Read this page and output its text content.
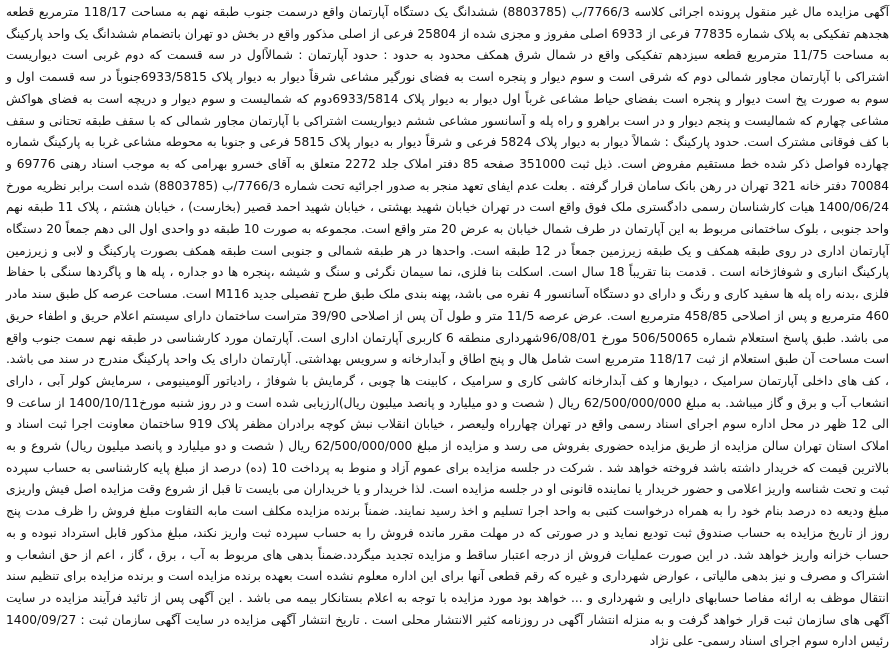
آگهی مزایده مال غیر منقول پرونده اجرائی کلاسه 7766/3/ب (8803785) ششدانگ یک دستگاه آپارتمان واقع درسمت جنوب طبقه نهم به مساحت 118/17 مترمربع قطعه هجدهم تفکیکی به پلاک شماره 77835 فرعی از 6933 اصلی مفروز و مجزی شده از 25804 فرعی از اصلی مذکور واقع در بخش دو تهران باتضمام ششدانگ یک واحد پارکینگ به مساحت 11/75 مترمربع قطعه سیزدهم تفکیکی واقع در شمال شرق همکف محدود به حدود : حدود آپارتمان : شمالاًاول در سه قسمت که دوم غربی است دیواریست اشتراکی با آپارتمان مجاور شمالی دوم که شرقی است و سوم دیوار و پنجره است به فضای نورگیر مشاعی شرقاً دیوار به دیوار پلاک 6933/5815جنوباً در سه قسمت اول و سوم به صورت پخ است دیوار و پنجره است بفضای حیاط مشاعی غرباً اول دیوار به دیوار پلاک 6933/5814دوم که شمالیست و سوم دیوار و دریچه است به فضای هواکش مشاعی چهارم که شمالیست و پنجم دیوار و در است براهرو و راه پله و آسانسور مشاعی ششم دیواریست اشتراکی با آپارتمان مجاور شمالی که با سقف طبقه تحتانی و سقف با کف فوقانی مشترک است. حدود پارکینگ : شمالاً دیوار به دیوار پلاک 5824 فرعی و شرقاً دیوار به دیوار پلاک 5815 فرعی و جنوبا به محوطه مشاعی غربا به پارکینگ شماره چهارده فواصل ذکر شده خط مستقیم مفروض است. ذیل ثبت 351000 صفحه 85 دفتر املاک جلد 2272 متعلق به آقای خسرو بهرامی که به موجب اسناد رهنی 69776 و 70084 دفتر خانه 321 تهران در رهن بانک سامان قرار گرفته . بعلت عدم ایفای تعهد منجر به صدور اجرائیه تحت شماره 7766/3/ب (8803785) شده است برابر نظریه مورخ 1400/06/24 هیات کارشناسان رسمی دادگستری ملک فوق واقع است در تهران خیابان شهید بهشتی ، خیابان شهید احمد قصیر (بخارست) ، خیابان هشتم ، پلاک 11 طبقه نهم واحد جنوبی ، بلوک ساختمانی مربوط به این آپارتمان در طرف شمال خیابان به عرض 20 متر واقع است. مجموعه به صورت 10 طبقه دو واحدی اول الی دهم جمعاً 20 دستگاه آپارتمان اداری در روی طبقه همکف و یک طبقه زیرزمین جمعاً در 12 طبقه است. واحدها در هر طبقه شمالی و جنوبی است طبقه همکف بصورت پارکینگ و لابی و زیرزمین پارکینگ انباری و شوفاژخانه است . قدمت بنا تقریباً 18 سال است. اسکلت بنا فلزی، نما سیمان نگرئی و سنگ و شیشه ،پنجره ها دو جداره ، پله ها و پاگردها سنگی با حفاظ فلزی ،بدنه راه پله ها سفید کاری و رنگ و دارای دو دستگاه آسانسور 4 نفره می باشد، پهنه بندی ملک طبق طرح تفصیلی جدید M116 است. مساحت عرصه کل طبق سند مادر 460 مترمربع و پس از اصلاحی 458/85 مترمربع است. عرض عرصه 11/5 متر و طول آن پس از اصلاحی 39/90 متراست ساختمان دارای سیستم اعلام حریق و اطفاء حریق می باشد. طبق پاسخ استعلام شماره 506/50065 مورخ 96/08/01شهرداری منطقه 6 کاربری آپارتمان اداری است. آپارتمان مورد کارشناسی در طبقه نهم سمت جنوب واقع است مساحت آن طبق استعلام از ثبت 118/17 مترمربع است شامل هال و پنج اطاق و آبدارخانه و سرویس بهداشتی. آپارتمان دارای یک واحد پارکینگ مندرج در سند می باشد. ، کف های داخلی آپارتمان سرامیک ، دیوارها و کف آبدارخانه کاشی کاری و سرامیک ، کابینت ها چوبی ، گرمایش با شوفاژ ، رادیاتور آلومینیومی ، سرمایش کولر آبی ، دارای انشعاب آب و برق و گاز میباشد. به مبلغ 62/500/000/000 ریال ( شصت و دو میلیارد و پانصد میلیون ریال)ارزیابی شده است و در روز شنبه مورخ1400/10/11 از ساعت 9 الی 12 ظهر در محل اداره سوم اجرای اسناد رسمی واقع در تهران چهارراه ولیعصر ، خیابان انقلاب نبش کوچه برادران مظفر پلاک 919 ساختمان معاونت اجرا ثبت اسناد و املاک استان تهران سالن مزایده از طریق مزایده حضوری بفروش می رسد و مزایده از مبلغ 62/500/000/000 ریال ( شصت و دو میلیارد و پانصد میلیون ریال) شروع و به بالاترین قیمت که خریدار داشته باشد فروخته خواهد شد . شرکت در جلسه مزایده برای عموم آزاد و منوط به پرداخت 10 (ده) درصد از مبلغ پایه کارشناسی به حساب سپرده ثبت و تحت شناسه واریز اعلامی و حضور خریدار یا نماینده قانونی او در جلسه مزایده است. لذا خریدار و یا خریداران می بایست تا قبل از شروع وقت مزایده اصل فیش واریزی مبلغ ودیعه ده درصد بنام خود را به همراه درخواست کتبی به واحد اجرا تسلیم و اخذ رسید نمایند. ضمناً برنده مزایده مکلف است مابه التفاوت مبلغ فروش را ظرف مدت پنج روز از تاریخ مزایده به حساب صندوق ثبت تودیع نماید و در صورتی که در مهلت مقرر مانده فروش را به حساب سپرده ثبت واریز نکند، مبلغ مذکور قابل استرداد نبوده و به حساب خزانه واریز خواهد شد. در این صورت عملیات فروش از درجه اعتبار ساقط و مزایده تجدید میگردد.ضمناً بدهی های مربوط به آب ، برق ، گاز ، اعم از حق انشعاب و اشتراک و مصرف و نیز بدهی مالیاتی ، عوارض شهرداری و غیره که رقم قطعی آنها برای این اداره معلوم نشده است بعهده برنده مزایده است و برنده مزایده برای تنظیم سند انتقال موظف به ارائه مفاصا حسابهای دارایی و شهرداری و ... خواهد بود مورد مزایده با توجه به اعلام بستانکار بیمه می باشد . این آگهی پس از تائید فرآیند مزایده در سایت آگهی های سازمان ثبت قرار خواهد گرفت و به منزله انتشار آگهی در روزنامه کثیر الانتشار محلی است . تاریخ انتشار آگهی مزایده در سایت آگهی سازمان ثبت : 1400/09/27 رئیس اداره سوم اجرای اسناد رسمی- علی نژاد
